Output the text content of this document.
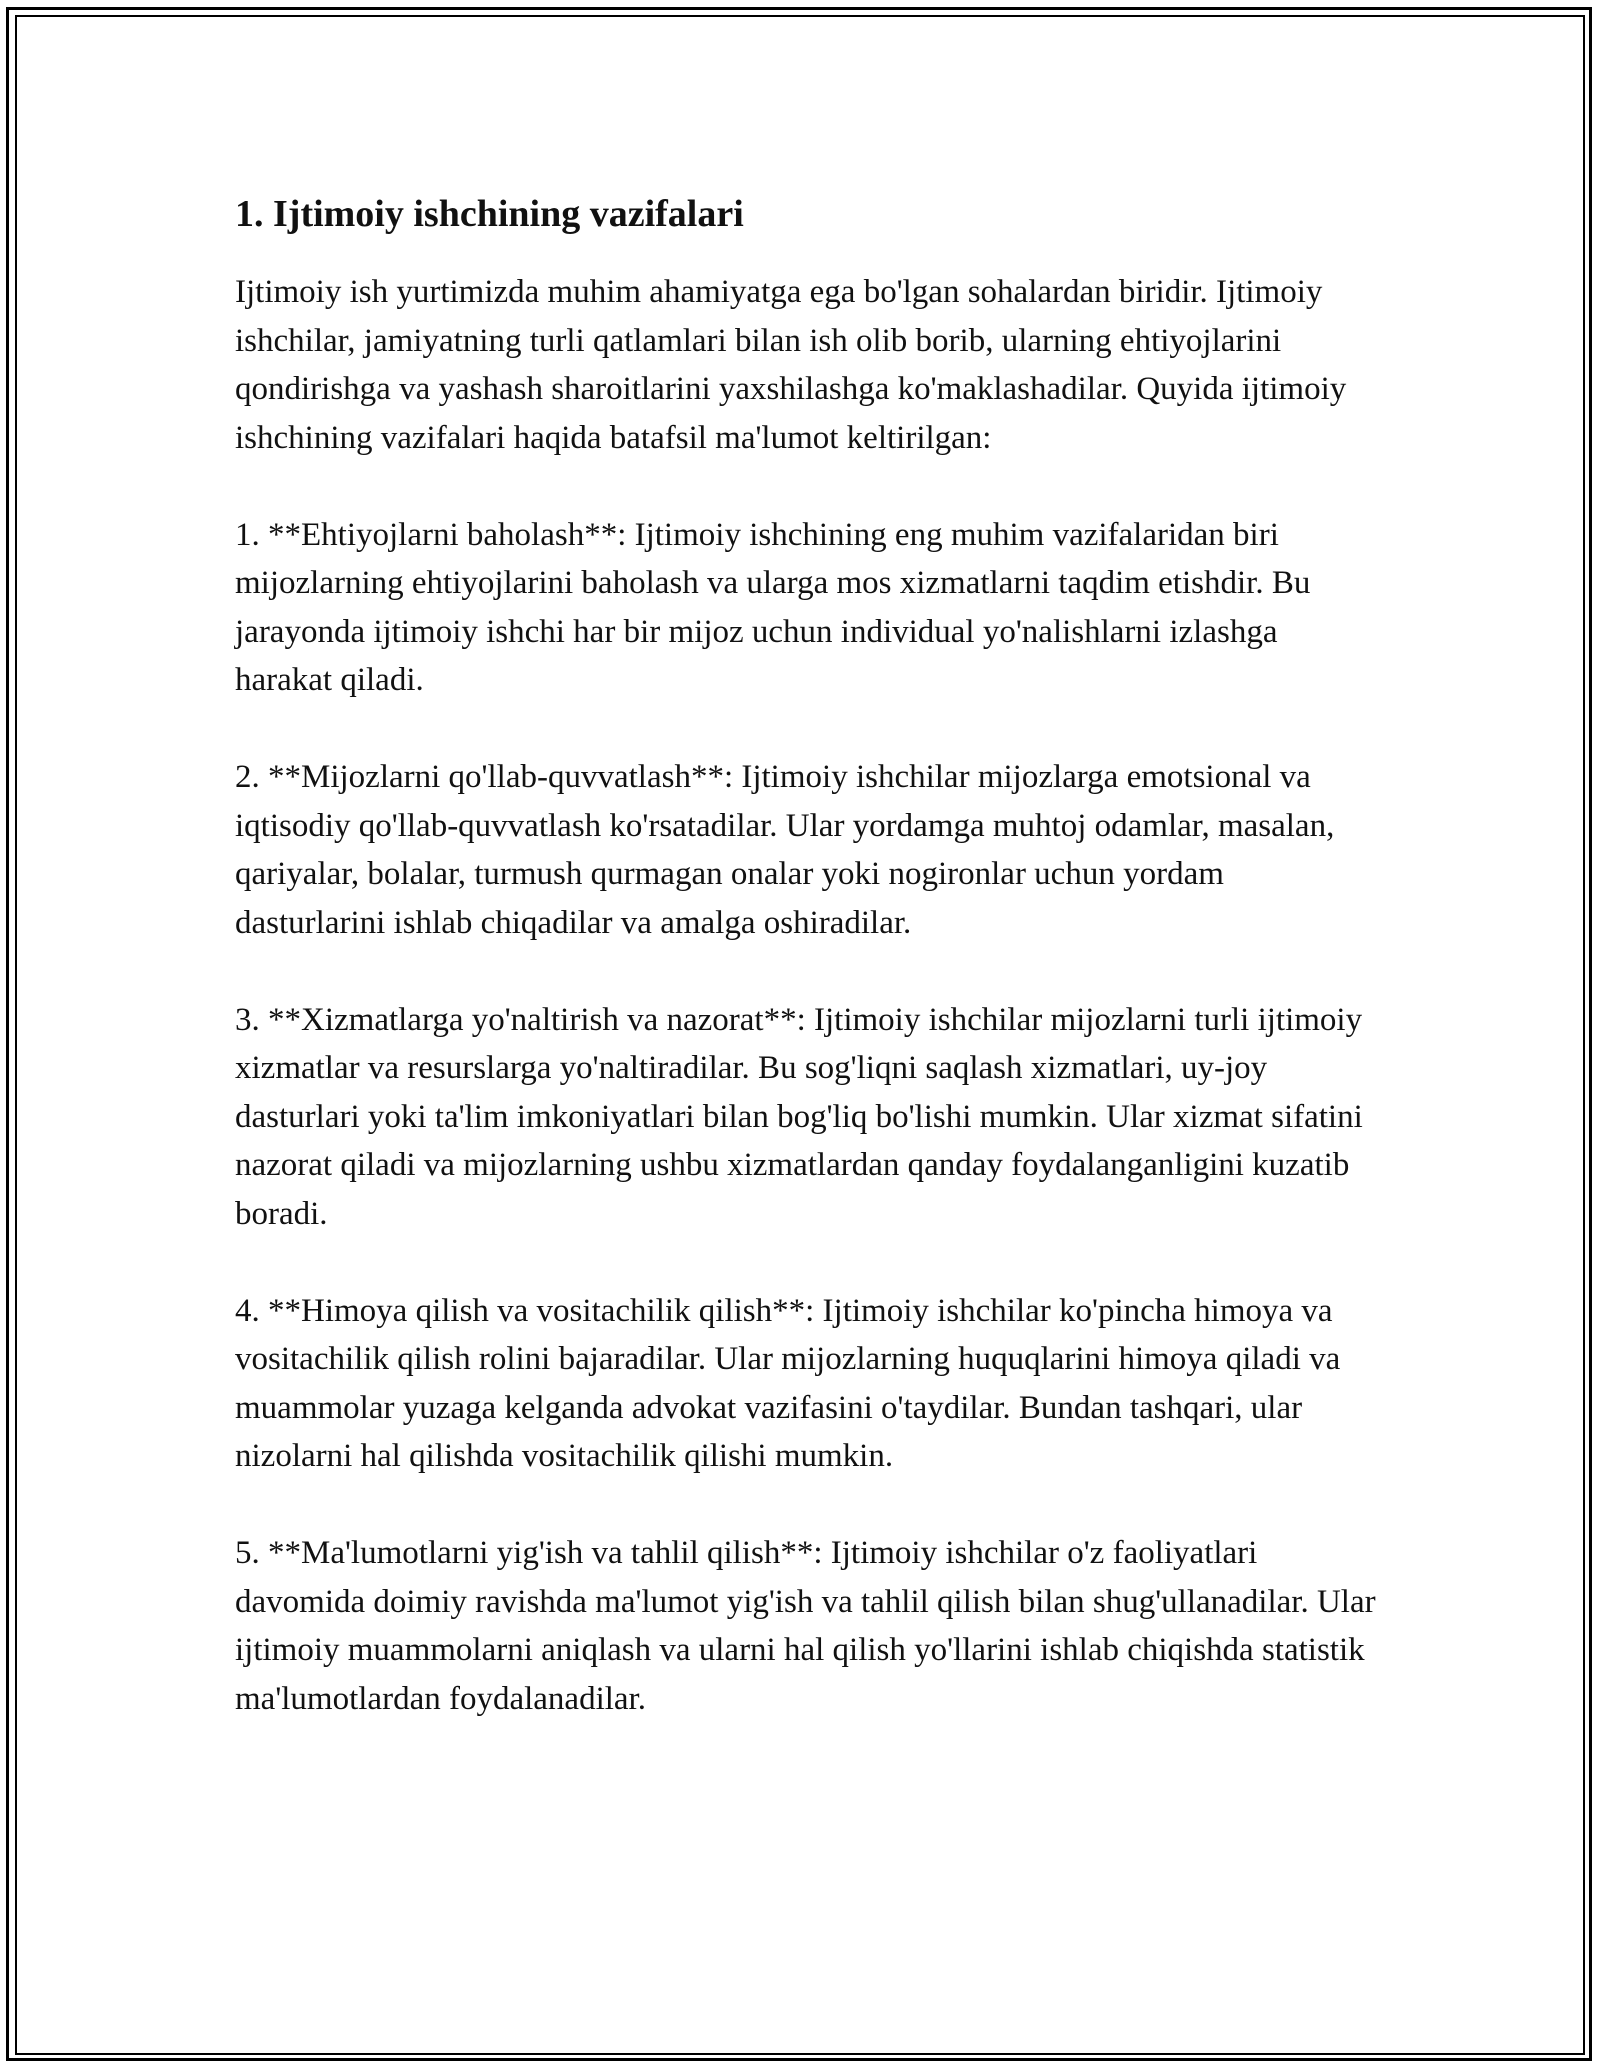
1. Ijtimoiy ishchining vazifalari

Ijtimoiy ish yurtimizda muhim ahamiyatga ega bo'lgan sohalardan biridir. Ijtimoiy ishchilar, jamiyatning turli qatlamlari bilan ish olib borib, ularning ehtiyojlarini qondirishga va yashash sharoitlarini yaxshilashga ko'maklashadilar. Quyida ijtimoiy ishchining vazifalari haqida batafsil ma'lumot keltirilgan:

1. **Ehtiyojlarni baholash**: Ijtimoiy ishchining eng muhim vazifalaridan biri mijozlarning ehtiyojlarini baholash va ularga mos xizmatlarni taqdim etishdir. Bu jarayonda ijtimoiy ishchi har bir mijoz uchun individual yo'nalishlarni izlashga harakat qiladi.

2. **Mijozlarni qo'llab-quvvatlash**: Ijtimoiy ishchilar mijozlarga emotsional va iqtisodiy qo'llab-quvvatlash ko'rsatadilar. Ular yordamga muhtoj odamlar, masalan, qariyalar, bolalar, turmush qurmagan onalar yoki nogironlar uchun yordam dasturlarini ishlab chiqadilar va amalga oshiradilar.

3. **Xizmatlarga yo'naltirish va nazorat**: Ijtimoiy ishchilar mijozlarni turli ijtimoiy xizmatlar va resurslarga yo'naltiradilar. Bu sog'liqni saqlash xizmatlari, uy-joy dasturlari yoki ta'lim imkoniyatlari bilan bog'liq bo'lishi mumkin. Ular xizmat sifatini nazorat qiladi va mijozlarning ushbu xizmatlardan qanday foydalanganligini kuzatib boradi.

4. **Himoya qilish va vositachilik qilish**: Ijtimoiy ishchilar ko'pincha himoya va vositachilik qilish rolini bajaradilar. Ular mijozlarning huquqlarini himoya qiladi va muammolar yuzaga kelganda advokat vazifasini o'taydilar. Bundan tashqari, ular nizolarni hal qilishda vositachilik qilishi mumkin.

5. **Ma'lumotlarni yig'ish va tahlil qilish**: Ijtimoiy ishchilar o'z faoliyatlari davomida doimiy ravishda ma'lumot yig'ish va tahlil qilish bilan shug'ullanadilar. Ular ijtimoiy muammolarni aniqlash va ularni hal qilish yo'llarini ishlab chiqishda statistik ma'lumotlardan foydalanadilar.
